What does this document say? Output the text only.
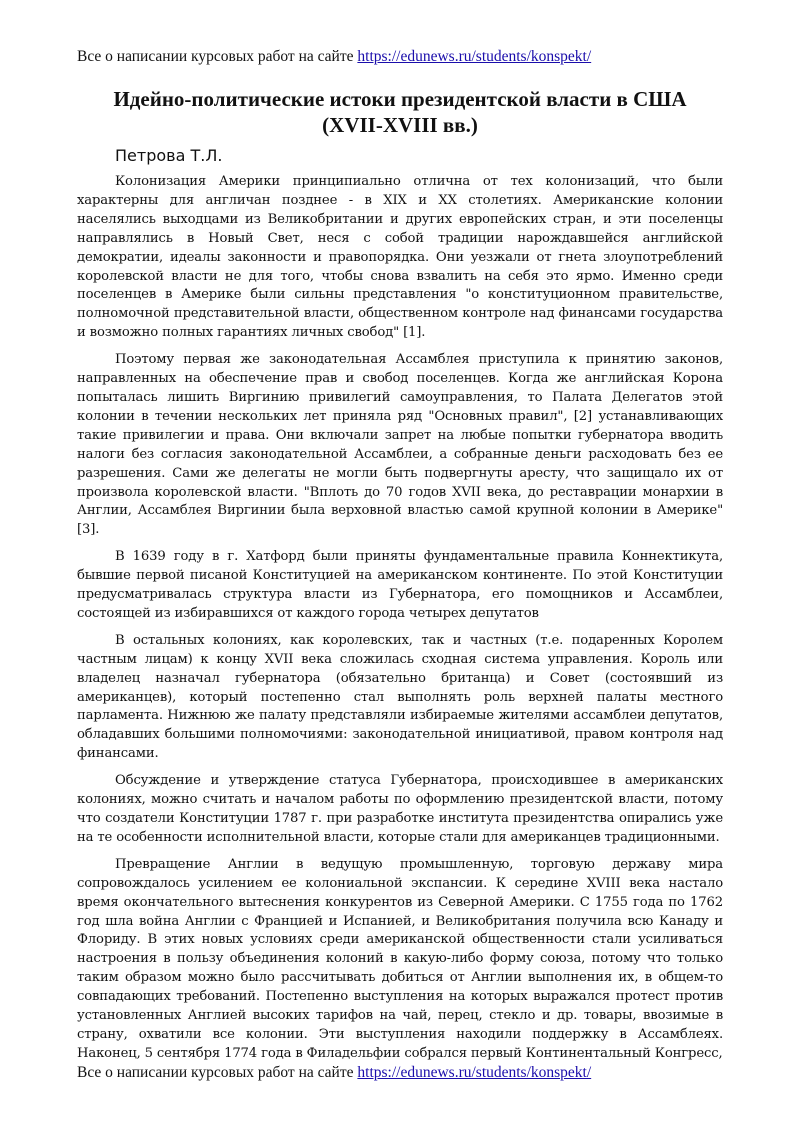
Все о написании курсовых работ на сайте https://edunews.ru/students/konspekt/
Идейно-политические истоки президентской власти в США
(XVII-XVIII вв.)
Петрова Т.Л.

Колонизация Америки принципиально отлична от тех колонизаций, что были характерны для англичан позднее - в XIX и XX столетиях. Американские колонии населялись выходцами из Великобритании и других европейских стран, и эти поселенцы направлялись в Новый Свет, неся с собой традиции нарождавшейся английской демократии, идеалы законности и правопорядка. Они уезжали от гнета злоупотреблений королевской власти не для того, чтобы снова взвалить на себя это ярмо. Именно среди поселенцев в Америке были сильны представления "о конституционном правительстве, полномочной представительной власти, общественном контроле над финансами государства и возможно полных гарантиях личных свобод" [1].

Поэтому первая же законодательная Ассамблея приступила к принятию законов, направленных на обеспечение прав и свобод поселенцев. Когда же английская Корона попыталась лишить Виргинию привилегий самоуправления, то Палата Делегатов этой колонии в течении нескольких лет приняла ряд "Основных правил", [2] устанавливающих такие привилегии и права. Они включали запрет на любые попытки губернатора вводить налоги без согласия законодательной Ассамблеи, а собранные деньги расходовать без ее разрешения. Сами же делегаты не могли быть подвергнуты аресту, что защищало их от произвола королевской власти. "Вплоть до 70 годов XVII века, до реставрации монархии в Англии, Ассамблея Виргинии была верховной властью самой крупной колонии в Америке" [3].

В 1639 году в г. Хатфорд были приняты фундаментальные правила Коннектикута, бывшие первой писаной Конституцией на американском континенте. По этой Конституции предусматривалась структура власти из Губернатора, его помощников и Ассамблеи, состоящей из избиравшихся от каждого города четырех депутатов

В остальных колониях, как королевских, так и частных (т.е. подаренных Королем частным лицам) к концу XVII века сложилась сходная система управления. Король или владелец назначал губернатора (обязательно британца) и Совет (состоявший из американцев), который постепенно стал выполнять роль верхней палаты местного парламента. Нижнюю же палату представляли избираемые жителями ассамблеи депутатов, обладавших большими полномочиями: законодательной инициативой, правом контроля над финансами.

Обсуждение и утверждение статуса Губернатора, происходившее в американских колониях, можно считать и началом работы по оформлению президентской власти, потому что создатели Конституции 1787 г. при разработке института президентства опирались уже на те особенности исполнительной власти, которые стали для американцев традиционными.

Превращение Англии в ведущую промышленную, торговую державу мира сопровождалось усилением ее колониальной экспансии. К середине XVIII века настало время окончательного вытеснения конкурентов из Северной Америки. С 1755 года по 1762 год шла война Англии с Францией и Испанией, и Великобритания получила всю Канаду и Флориду. В этих новых условиях среди американской общественности стали усиливаться настроения в пользу объединения колоний в какую-либо форму союза, потому что только таким образом можно было рассчитывать добиться от Англии выполнения их, в общем-то совпадающих требований. Постепенно выступления на которых выражался протест против установленных Англией высоких тарифов на чай, перец, стекло и др. товары, ввозимые в страну, охватили все колонии. Эти выступления находили поддержку в Ассамблеях. Наконец, 5 сентября 1774 года в Филадельфии собрался первый Континентальный Конгресс,

Все о написании курсовых работ на сайте https://edunews.ru/students/konspekt/
